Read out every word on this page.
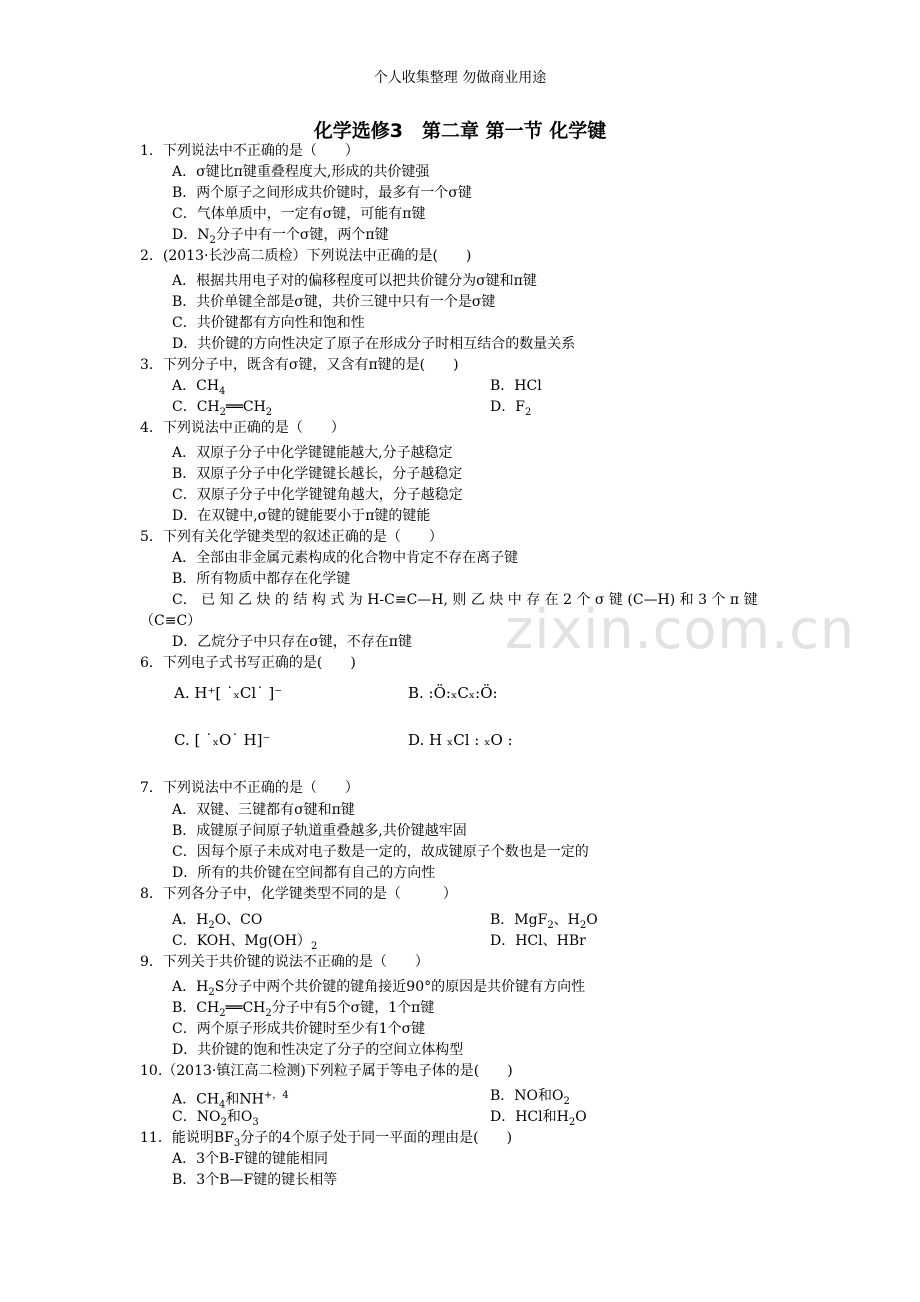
个人收集整理 勿做商业用途
化学选修3　第二章 第一节 化学键
zixin.com.cn
1．下列说法中不正确的是（　　）
A．σ键比π键重叠程度大,形成的共价键强
B．两个原子之间形成共价键时，最多有一个σ键
C．气体单质中，一定有σ键，可能有π键
D．$N_2$分子中有一个σ键，两个π键
2．(2013·长沙高二质检）下列说法中正确的是(　　)
A．根据共用电子对的偏移程度可以把共价键分为σ键和π键
B．共价单键全部是σ键，共价三键中只有一个是σ键
C．共价键都有方向性和饱和性
D．共价键的方向性决定了原子在形成分子时相互结合的数量关系
3．下列分子中，既含有σ键，又含有π键的是(　　)
A．$CH_4$	B．HCl
C．$CH_2══CH_2$	D．$F_2$
4．下列说法中正确的是（　　）
A．双原子分子中化学键键能越大,分子越稳定
B．双原子分子中化学键键长越长，分子越稳定
C．双原子分子中化学键键角越大，分子越稳定
D．在双键中,σ键的键能要小于π键的键能
5．下列有关化学键类型的叙述正确的是（　　）
A．全部由非金属元素构成的化合物中肯定不存在离子键
B．所有物质中都存在化学键
C． 已 知 乙 炔 的 结 构 式 为 H-C≡C—H, 则 乙 炔 中 存 在 2 个 σ 键 (C—H) 和 3 个 π 键
（C≡C）
D．乙烷分子中只存在σ键，不存在π键
6．下列电子式书写正确的是(　　)
A. H⁺[ ˙ₓCl˙ ]⁻	B. :Ö:ₓCₓ:Ö:
C. [ ˙ₓO˙ H]⁻	D. H ₓCl : ₓO :
7．下列说法中不正确的是（　　）
A．双键、三键都有σ键和π键
B．成键原子间原子轨道重叠越多,共价键越牢固
C．因每个原子未成对电子数是一定的，故成键原子个数也是一定的
D．所有的共价键在空间都有自己的方向性
8．下列各分子中，化学键类型不同的是（　　　）
A．$H_2O$、CO	B．MgF$_2$、$H_2O$
C．KOH、$Mg(OH)_2$	D．HCl、HBr
9．下列关于共价键的说法不正确的是（　　）
A．$H_2S$分子中两个共价键的键角接近90°的原因是共价键有方向性
B．$CH_2══CH_2$分子中有5个σ键，1个π键
C．两个原子形成共价键时至少有1个σ键
D．共价键的饱和性决定了分子的空间立体构型
10.（2013·镇江高二检测)下列粒子属于等电子体的是(　　)
A．$CH_4$和$NH^{+,4}$	B．NO和$O_2$
C．$NO_2$和$O_3$	D．HCl和$H_2O$
11．能说明$BF_3$分子的4个原子处于同一平面的理由是(　　)
A．3个B-F键的键能相同
B．3个B—F键的键长相等
